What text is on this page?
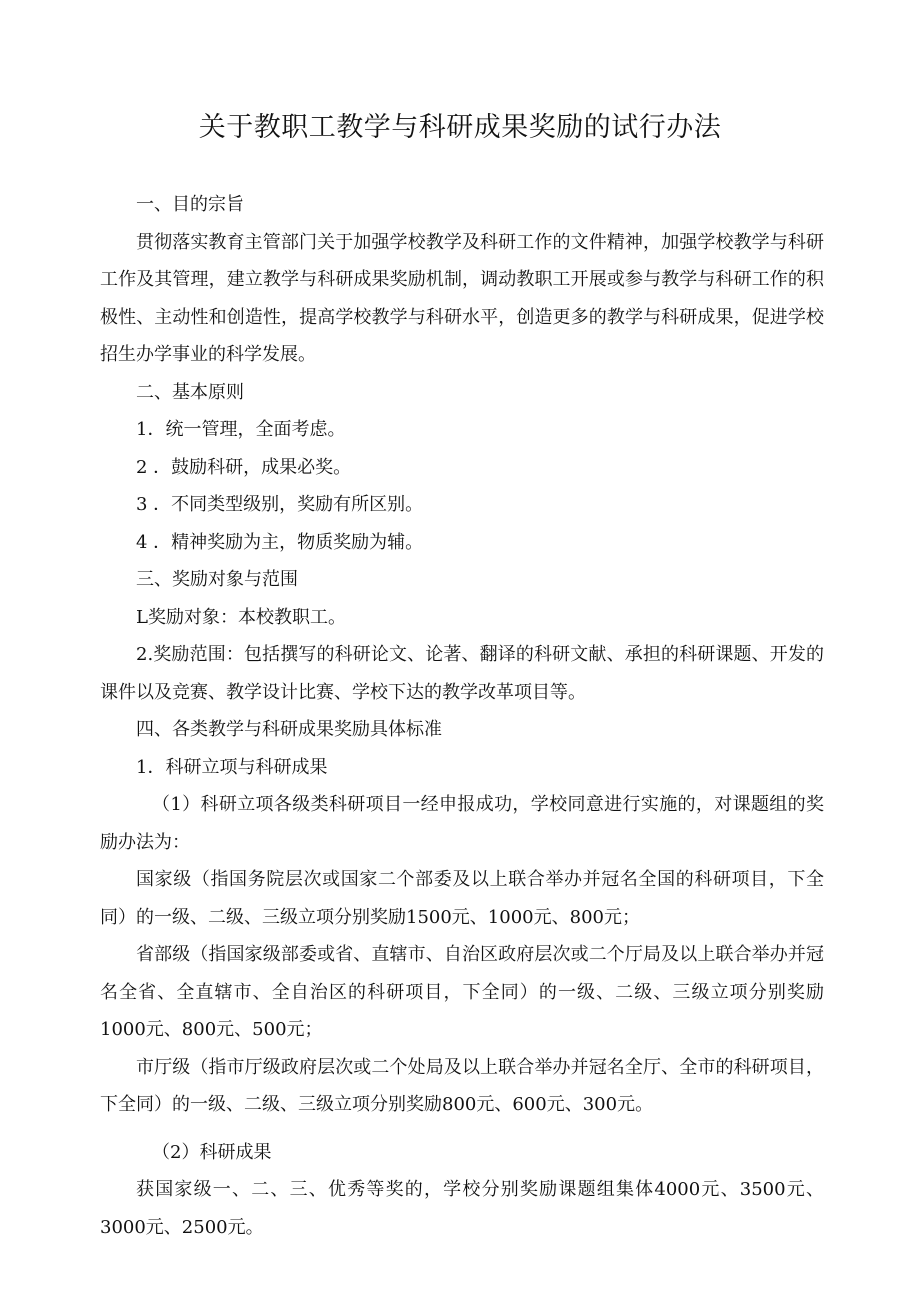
关于教职工教学与科研成果奖励的试行办法

一、目的宗旨

贯彻落实教育主管部门关于加强学校教学及科研工作的文件精神，加强学校教学与科研工作及其管理，建立教学与科研成果奖励机制，调动教职工开展或参与教学与科研工作的积极性、主动性和创造性，提高学校教学与科研水平，创造更多的教学与科研成果，促进学校招生办学事业的科学发展。

二、基本原则

1．统一管理，全面考虑。

2 ．鼓励科研，成果必奖。

3 ．不同类型级别，奖励有所区别。

4 ．精神奖励为主，物质奖励为辅。

三、奖励对象与范围

L奖励对象：本校教职工。

2.奖励范围：包括撰写的科研论文、论著、翻译的科研文献、承担的科研课题、开发的课件以及竞赛、教学设计比赛、学校下达的教学改革项目等。

四、各类教学与科研成果奖励具体标准

1．科研立项与科研成果

（1）科研立项各级类科研项目一经申报成功，学校同意进行实施的，对课题组的奖励办法为：

国家级（指国务院层次或国家二个部委及以上联合举办并冠名全国的科研项目，下全同）的一级、二级、三级立项分别奖励1500元、1000元、800元；

省部级（指国家级部委或省、直辖市、自治区政府层次或二个厅局及以上联合举办并冠名全省、全直辖市、全自治区的科研项目，下全同）的一级、二级、三级立项分别奖励1000元、800元、500元；

市厅级（指市厅级政府层次或二个处局及以上联合举办并冠名全厅、全市的科研项目，下全同）的一级、二级、三级立项分别奖励800元、600元、300元。

（2）科研成果

获国家级一、二、三、优秀等奖的，学校分别奖励课题组集体4000元、3500元、3000元、2500元。
